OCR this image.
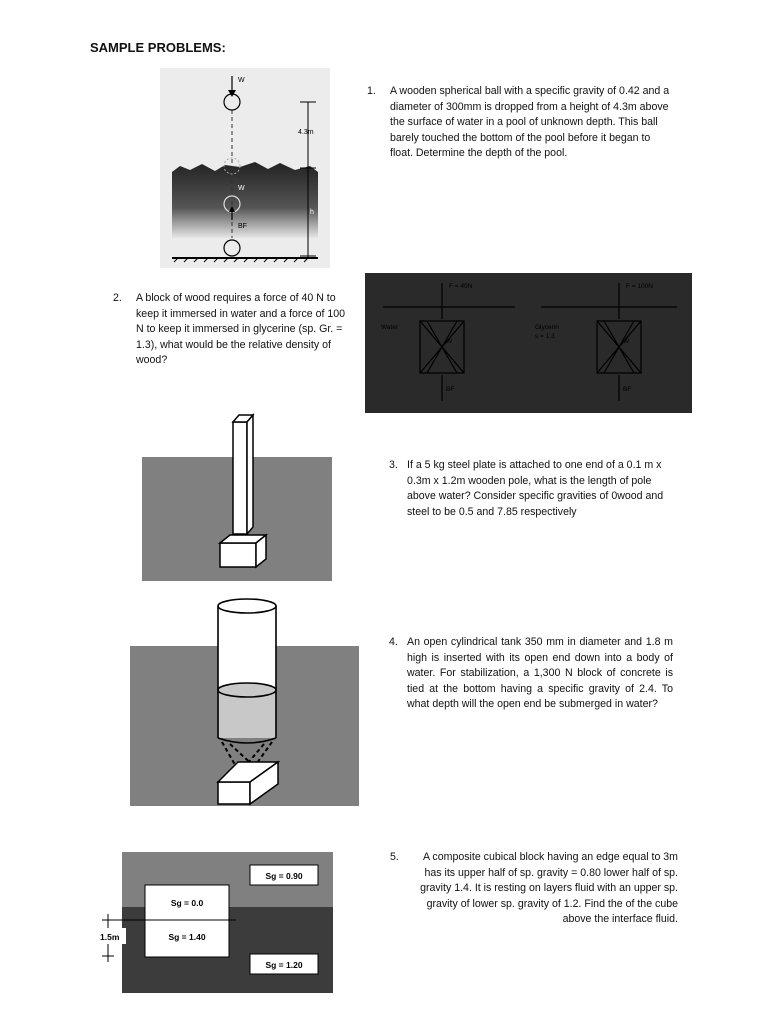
SAMPLE PROBLEMS:
W
W
BF
4.3m
h
1. A wooden spherical ball with a specific gravity of 0.42 and a diameter of 300mm is dropped from a height of 4.3m above the surface of water in a pool of unknown depth. This ball barely touched the bottom of the pool before it began to float. Determine the depth of the pool.

2. A block of wood requires a force of 40 N to keep it immersed in water and a force of 100 N to keep it immersed in glycerine (sp. Gr. = 1.3), what would be the relative density of wood?

F = 40N	F = 100N
Water	Glycerin
s = 1.3
W	W
BF	BF
3. If a 5 kg steel plate is attached to one end of a 0.1 m x 0.3m x 1.2m wooden pole, what is the length of pole above water? Consider specific gravities of 0wood and steel to be 0.5 and 7.85 respectively

4. An open cylindrical tank 350 mm in diameter and 1.8 m high is inserted with its open end down into a body of water. For stabilization, a 1,300 N block of concrete is tied at the bottom having a specific gravity of 2.4. To what depth will the open end be submerged in water?

Sg = 0.90
Sg = 0.0
Sg = 1.40
Sg = 1.20
1.5m
5.	A composite cubical block having an edge equal to 3m has its upper half of sp. gravity = 0.80 lower half of sp. gravity 1.4. It is resting on layers fluid with an upper sp. gravity of lower sp. gravity of 1.2. Find the of the cube above the interface fluid.
